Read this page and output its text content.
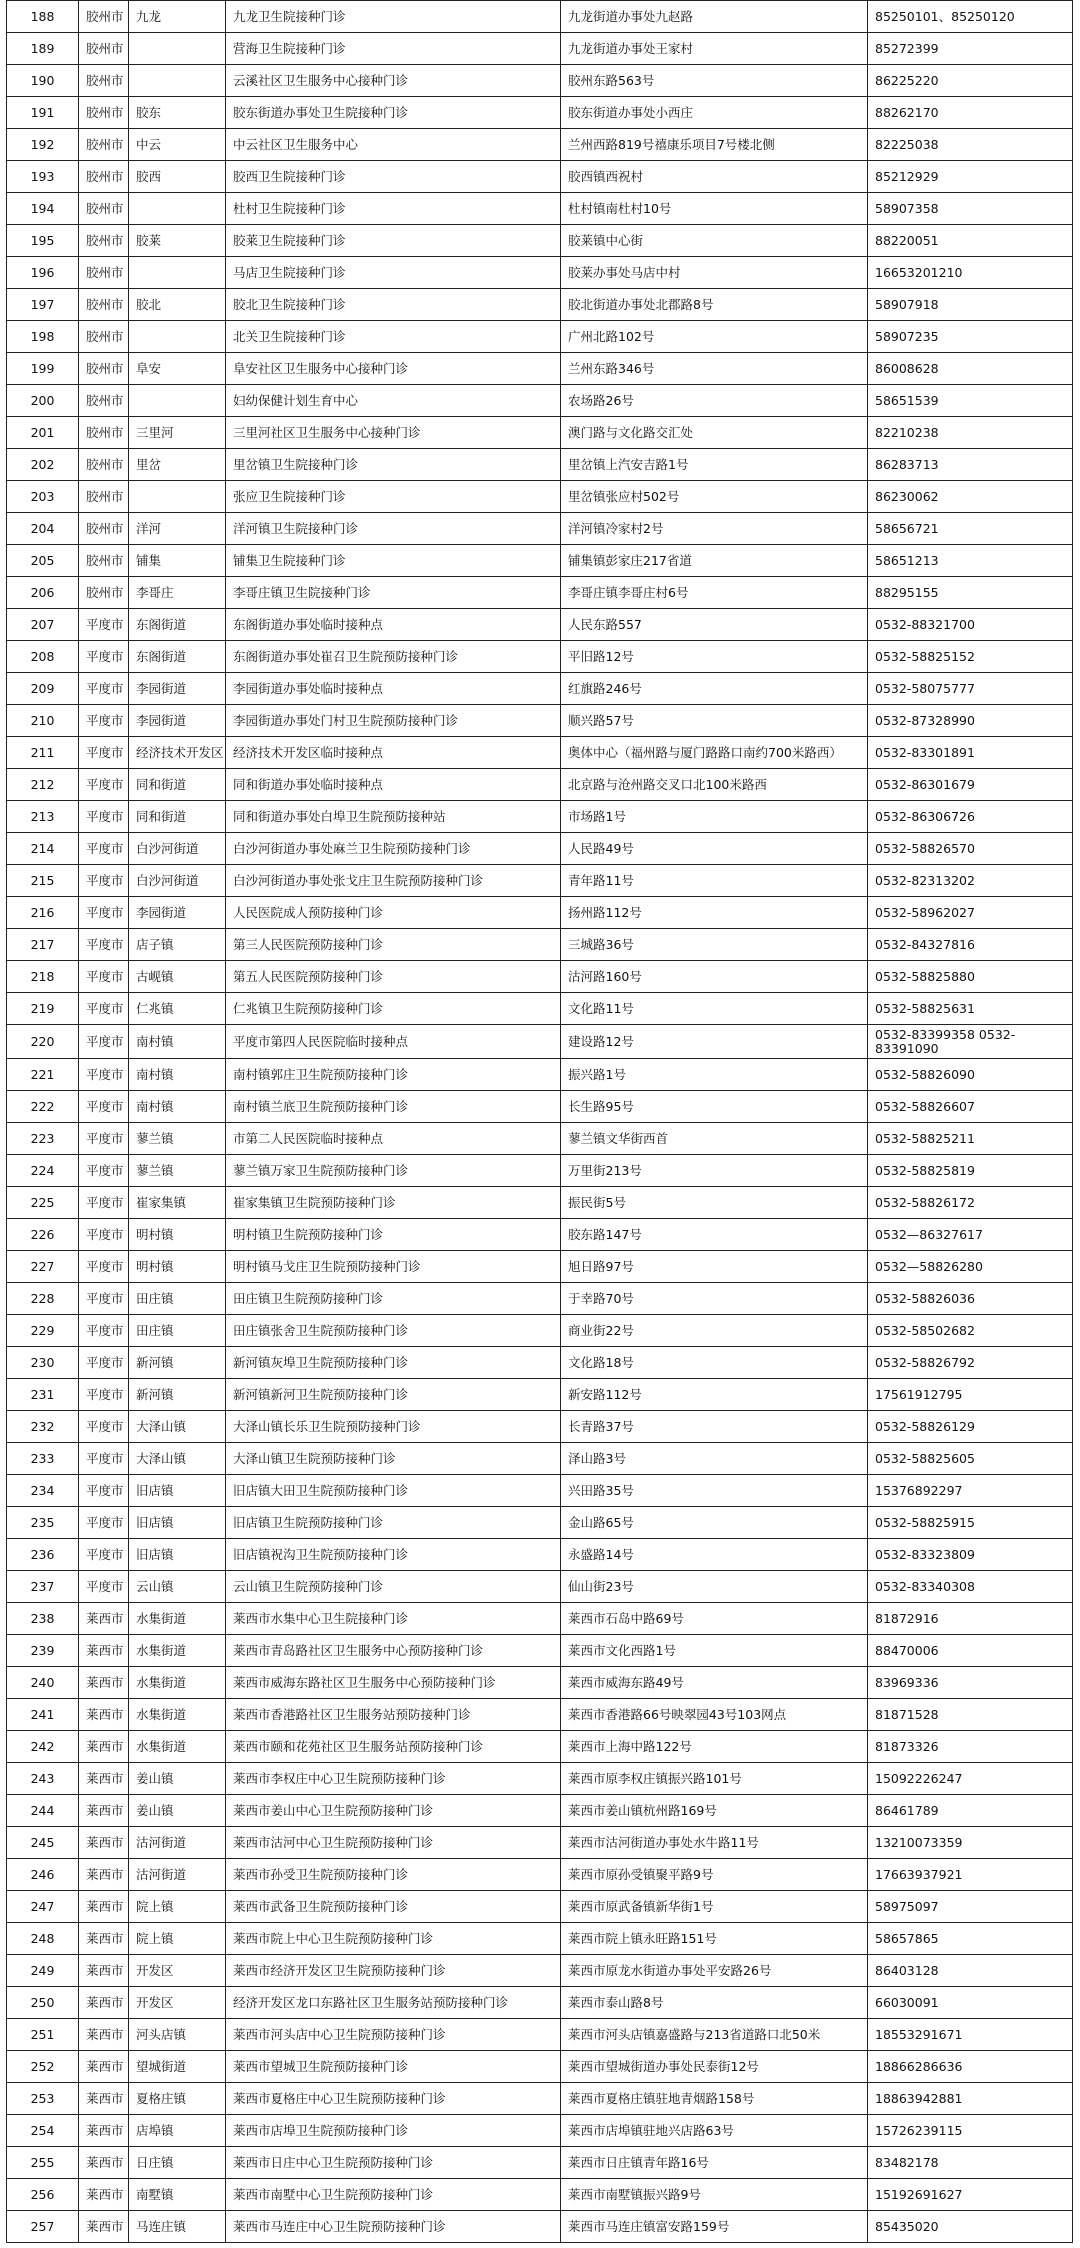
188	胶州市	九龙	九龙卫生院接种门诊	九龙街道办事处九赵路	85250101、85250120
189	胶州市		营海卫生院接种门诊	九龙街道办事处王家村	85272399
190	胶州市		云溪社区卫生服务中心接种门诊	胶州东路563号	86225220
191	胶州市	胶东	胶东街道办事处卫生院接种门诊	胶东街道办事处小西庄	88262170
192	胶州市	中云	中云社区卫生服务中心	兰州西路819号禧康乐项目7号楼北侧	82225038
193	胶州市	胶西	胶西卫生院接种门诊	胶西镇西祝村	85212929
194	胶州市		杜村卫生院接种门诊	杜村镇南杜村10号	58907358
195	胶州市	胶莱	胶莱卫生院接种门诊	胶莱镇中心街	88220051
196	胶州市		马店卫生院接种门诊	胶莱办事处马店中村	16653201210
197	胶州市	胶北	胶北卫生院接种门诊	胶北街道办事处北郡路8号	58907918
198	胶州市		北关卫生院接种门诊	广州北路102号	58907235
199	胶州市	阜安	阜安社区卫生服务中心接种门诊	兰州东路346号	86008628
200	胶州市		妇幼保健计划生育中心	农场路26号	58651539
201	胶州市	三里河	三里河社区卫生服务中心接种门诊	澳门路与文化路交汇处	82210238
202	胶州市	里岔	里岔镇卫生院接种门诊	里岔镇上汽安吉路1号	86283713
203	胶州市		张应卫生院接种门诊	里岔镇张应村502号	86230062
204	胶州市	洋河	洋河镇卫生院接种门诊	洋河镇冷家村2号	58656721
205	胶州市	铺集	铺集卫生院接种门诊	铺集镇彭家庄217省道	58651213
206	胶州市	李哥庄	李哥庄镇卫生院接种门诊	李哥庄镇李哥庄村6号	88295155
207	平度市	东阁街道	东阁街道办事处临时接种点	人民东路557	0532-88321700
208	平度市	东阁街道	东阁街道办事处崔召卫生院预防接种门诊	平旧路12号	0532-58825152
209	平度市	李园街道	李园街道办事处临时接种点	红旗路246号	0532-58075777
210	平度市	李园街道	李园街道办事处门村卫生院预防接种门诊	顺兴路57号	0532-87328990
211	平度市	经济技术开发区	经济技术开发区临时接种点	奥体中心（福州路与厦门路路口南约700米路西）	0532-83301891
212	平度市	同和街道	同和街道办事处临时接种点	北京路与沧州路交叉口北100米路西	0532-86301679
213	平度市	同和街道	同和街道办事处白埠卫生院预防接种站	市场路1号	0532-86306726
214	平度市	白沙河街道	白沙河街道办事处麻兰卫生院预防接种门诊	人民路49号	0532-58826570
215	平度市	白沙河街道	白沙河街道办事处张戈庄卫生院预防接种门诊	青年路11号	0532-82313202
216	平度市	李园街道	人民医院成人预防接种门诊	扬州路112号	0532-58962027
217	平度市	店子镇	第三人民医院预防接种门诊	三城路36号	0532-84327816
218	平度市	古岘镇	第五人民医院预防接种门诊	沽河路160号	0532-58825880
219	平度市	仁兆镇	仁兆镇卫生院预防接种门诊	文化路11号	0532-58825631
220	平度市	南村镇	平度市第四人民医院临时接种点	建设路12号	0532-83399358 0532-83391090
221	平度市	南村镇	南村镇郭庄卫生院预防接种门诊	振兴路1号	0532-58826090
222	平度市	南村镇	南村镇兰底卫生院预防接种门诊	长生路95号	0532-58826607
223	平度市	蓼兰镇	市第二人民医院临时接种点	蓼兰镇文华街西首	0532-58825211
224	平度市	蓼兰镇	蓼兰镇万家卫生院预防接种门诊	万里街213号	0532-58825819
225	平度市	崔家集镇	崔家集镇卫生院预防接种门诊	振民街5号	0532-58826172
226	平度市	明村镇	明村镇卫生院预防接种门诊	胶东路147号	0532—86327617
227	平度市	明村镇	明村镇马戈庄卫生院预防接种门诊	旭日路97号	0532—58826280
228	平度市	田庄镇	田庄镇卫生院预防接种门诊	于幸路70号	0532-58826036
229	平度市	田庄镇	田庄镇张舍卫生院预防接种门诊	商业街22号	0532-58502682
230	平度市	新河镇	新河镇灰埠卫生院预防接种门诊	文化路18号	0532-58826792
231	平度市	新河镇	新河镇新河卫生院预防接种门诊	新安路112号	17561912795
232	平度市	大泽山镇	大泽山镇长乐卫生院预防接种门诊	长青路37号	0532-58826129
233	平度市	大泽山镇	大泽山镇卫生院预防接种门诊	泽山路3号	0532-58825605
234	平度市	旧店镇	旧店镇大田卫生院预防接种门诊	兴田路35号	15376892297
235	平度市	旧店镇	旧店镇卫生院预防接种门诊	金山路65号	0532-58825915
236	平度市	旧店镇	旧店镇祝沟卫生院预防接种门诊	永盛路14号	0532-83323809
237	平度市	云山镇	云山镇卫生院预防接种门诊	仙山街23号	0532-83340308
238	莱西市	水集街道	莱西市水集中心卫生院接种门诊	莱西市石岛中路69号	81872916
239	莱西市	水集街道	莱西市青岛路社区卫生服务中心预防接种门诊	莱西市文化西路1号	88470006
240	莱西市	水集街道	莱西市威海东路社区卫生服务中心预防接种门诊	莱西市威海东路49号	83969336
241	莱西市	水集街道	莱西市香港路社区卫生服务站预防接种门诊	莱西市香港路66号映翠园43号103网点	81871528
242	莱西市	水集街道	莱西市颐和花苑社区卫生服务站预防接种门诊	莱西市上海中路122号	81873326
243	莱西市	姜山镇	莱西市李权庄中心卫生院预防接种门诊	莱西市原李权庄镇振兴路101号	15092226247
244	莱西市	姜山镇	莱西市姜山中心卫生院预防接种门诊	莱西市姜山镇杭州路169号	86461789
245	莱西市	沽河街道	莱西市沽河中心卫生院预防接种门诊	莱西市沽河街道办事处水牛路11号	13210073359
246	莱西市	沽河街道	莱西市孙受卫生院预防接种门诊	莱西市原孙受镇聚平路9号	17663937921
247	莱西市	院上镇	莱西市武备卫生院预防接种门诊	莱西市原武备镇新华街1号	58975097
248	莱西市	院上镇	莱西市院上中心卫生院预防接种门诊	莱西市院上镇永旺路151号	58657865
249	莱西市	开发区	莱西市经济开发区卫生院预防接种门诊	莱西市原龙水街道办事处平安路26号	86403128
250	莱西市	开发区	经济开发区龙口东路社区卫生服务站预防接种门诊	莱西市泰山路8号	66030091
251	莱西市	河头店镇	莱西市河头店中心卫生院预防接种门诊	莱西市河头店镇嘉盛路与213省道路口北50米	18553291671
252	莱西市	望城街道	莱西市望城卫生院预防接种门诊	莱西市望城街道办事处民泰街12号	18866286636
253	莱西市	夏格庄镇	莱西市夏格庄中心卫生院预防接种门诊	莱西市夏格庄镇驻地青烟路158号	18863942881
254	莱西市	店埠镇	莱西市店埠卫生院预防接种门诊	莱西市店埠镇驻地兴店路63号	15726239115
255	莱西市	日庄镇	莱西市日庄中心卫生院预防接种门诊	莱西市日庄镇青年路16号	83482178
256	莱西市	南墅镇	莱西市南墅中心卫生院预防接种门诊	莱西市南墅镇振兴路9号	15192691627
257	莱西市	马连庄镇	莱西市马连庄中心卫生院预防接种门诊	莱西市马连庄镇富安路159号	85435020
